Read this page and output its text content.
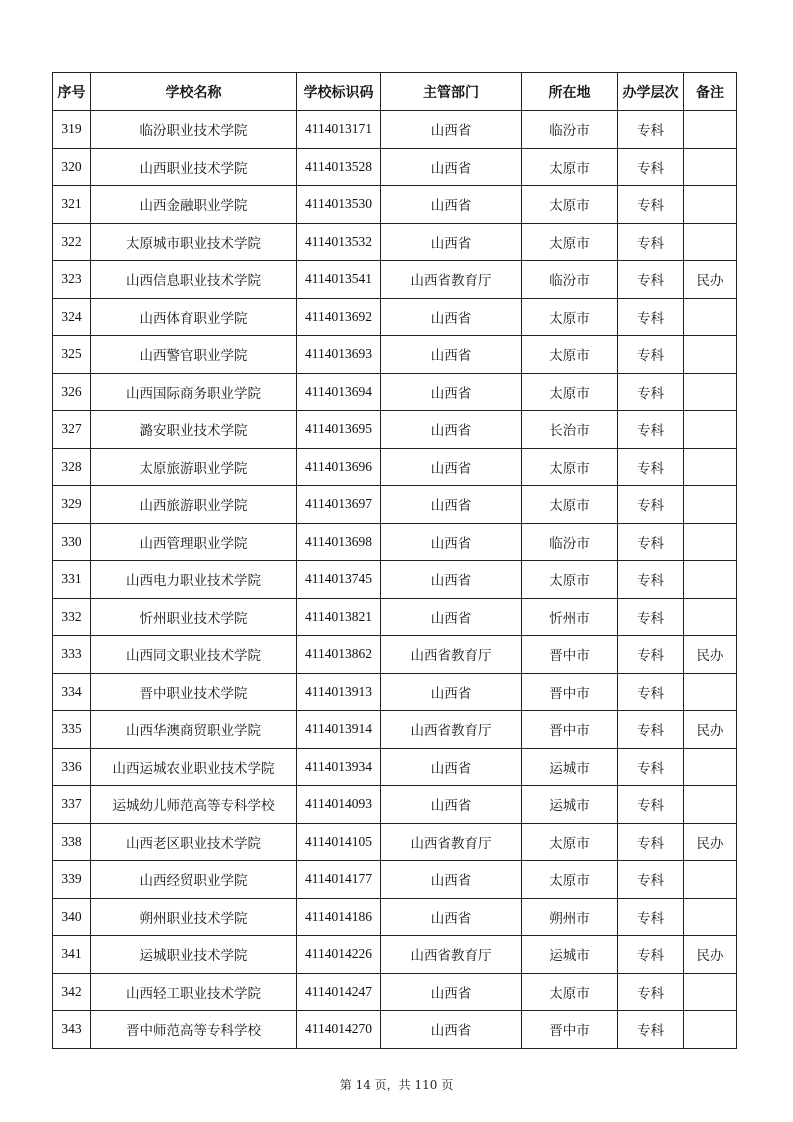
序号	学校名称	学校标识码	主管部门	所在地	办学层次	备注
319	临汾职业技术学院	4114013171	山西省	临汾市	专科	
320	山西职业技术学院	4114013528	山西省	太原市	专科	
321	山西金融职业学院	4114013530	山西省	太原市	专科	
322	太原城市职业技术学院	4114013532	山西省	太原市	专科	
323	山西信息职业技术学院	4114013541	山西省教育厅	临汾市	专科	民办
324	山西体育职业学院	4114013692	山西省	太原市	专科	
325	山西警官职业学院	4114013693	山西省	太原市	专科	
326	山西国际商务职业学院	4114013694	山西省	太原市	专科	
327	潞安职业技术学院	4114013695	山西省	长治市	专科	
328	太原旅游职业学院	4114013696	山西省	太原市	专科	
329	山西旅游职业学院	4114013697	山西省	太原市	专科	
330	山西管理职业学院	4114013698	山西省	临汾市	专科	
331	山西电力职业技术学院	4114013745	山西省	太原市	专科	
332	忻州职业技术学院	4114013821	山西省	忻州市	专科	
333	山西同文职业技术学院	4114013862	山西省教育厅	晋中市	专科	民办
334	晋中职业技术学院	4114013913	山西省	晋中市	专科	
335	山西华澳商贸职业学院	4114013914	山西省教育厅	晋中市	专科	民办
336	山西运城农业职业技术学院	4114013934	山西省	运城市	专科	
337	运城幼儿师范高等专科学校	4114014093	山西省	运城市	专科	
338	山西老区职业技术学院	4114014105	山西省教育厅	太原市	专科	民办
339	山西经贸职业学院	4114014177	山西省	太原市	专科	
340	朔州职业技术学院	4114014186	山西省	朔州市	专科	
341	运城职业技术学院	4114014226	山西省教育厅	运城市	专科	民办
342	山西轻工职业技术学院	4114014247	山西省	太原市	专科	
343	晋中师范高等专科学校	4114014270	山西省	晋中市	专科	
第 14 页，共 110 页
